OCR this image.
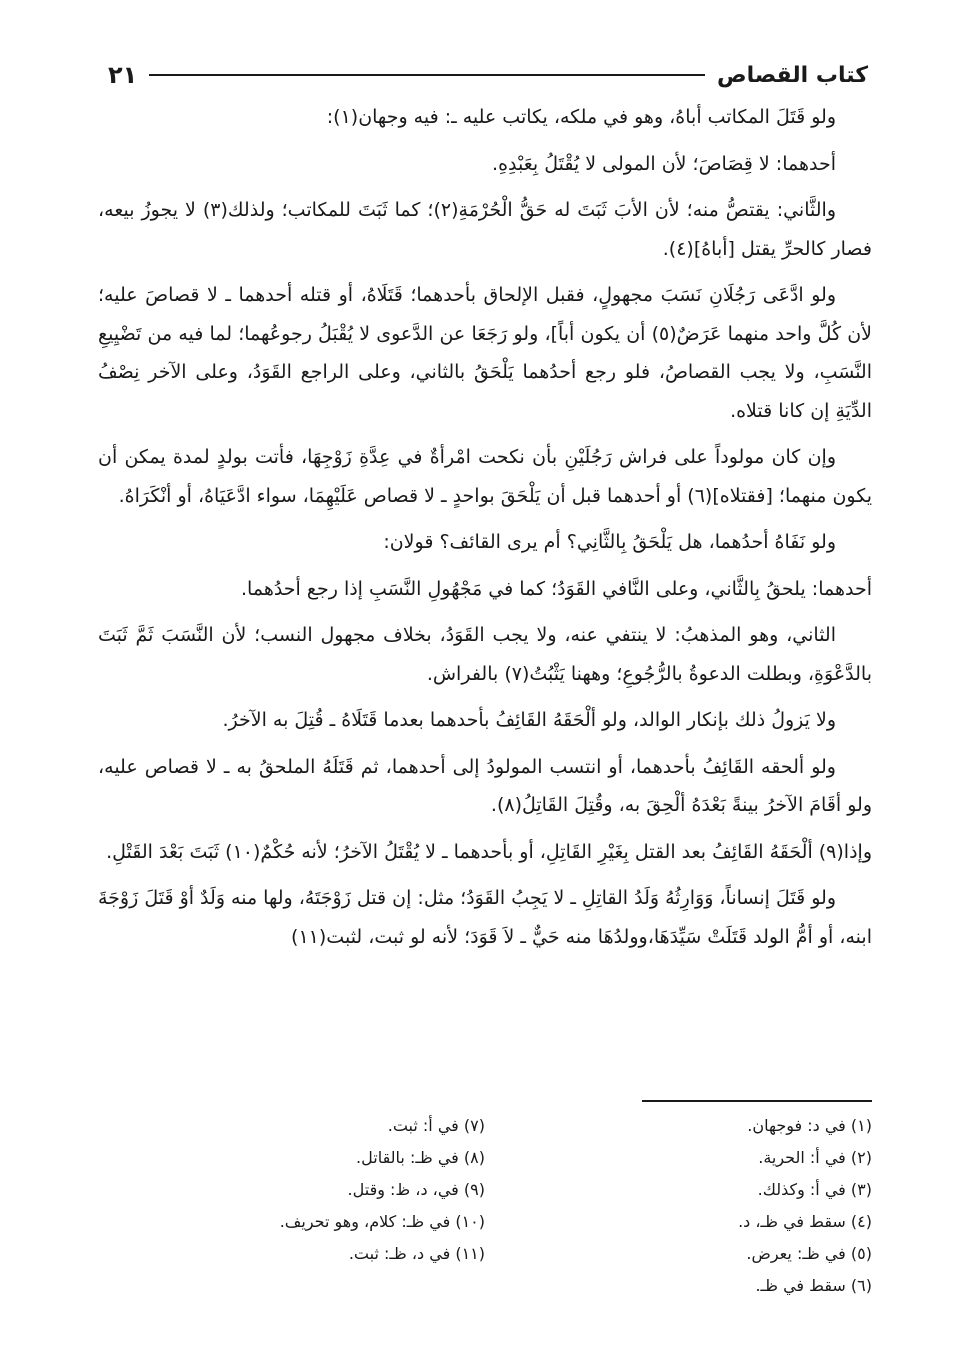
كتاب القصاص
٢١

ولو قَتَلَ المكاتب أباهُ، وهو في ملكه، يكاتب عليه ـ: فيه وجهان(١):

أحدهما: لا قِصَاصَ؛ لأن المولى لا يُقْتَلُ بِعَبْدِهِ.

والثَّاني: يقتصُّ منه؛ لأن الأبَ ثَبَتَ له حَقُّ الْحُرْمَةِ(٢)؛ كما ثَبَتَ للمكاتب؛ ولذلك(٣) لا يجوزُ بيعه، فصار كالحرِّ يقتل [أباهُ](٤).

ولو ادَّعَى رَجُلَانِ نَسَبَ مجهولٍ، فقبل الإلحاق بأحدهما؛ قَتَلَاهُ، أو قتله أحدهما ـ لا قصاصَ عليه؛ لأن كُلَّ واحد منهما عَرَضٌ(٥) أن يكون أباً]، ولو رَجَعَا عن الدَّعوى لا يُقْبَلُ رجوعُهما؛ لما فيه من تَضْيِيعِ النَّسَبِ، ولا يجب القصاصُ، فلو رجع أحدُهما يَلْحَقُ بالثاني، وعلى الراجع القَوَدُ، وعلى الآخر نِصْفُ الدِّيَةِ إن كانا قتلاه.

وإن كان مولوداً على فراش رَجُلَيْنِ بأن نكحت امْرأةٌ في عِدَّةِ زَوْجِهَا، فأتت بولدٍ لمدة يمكن أن يكون منهما؛ [فقتلاه](٦) أو أحدهما قبل أن يَلْحَقَ بواحدٍ ـ لا قصاص عَلَيْهِمَا، سواء ادَّعَيَاهُ، أو أنْكَرَاهُ.

ولو نَفَاهُ أحدُهما، هل يَلْحَقُ بِالثَّانِي؟ أم يرى القائف؟ قولان:

أحدهما: يلحقُ بِالثَّاني، وعلى النَّافي القَوَدُ؛ كما في مَجْهُولِ النَّسَبِ إذا رجع أحدُهما.

الثاني، وهو المذهبُ: لا ينتفي عنه، ولا يجب القَوَدُ، بخلاف مجهول النسب؛ لأن النَّسَبَ ثَمَّ ثَبَتَ بالدَّعْوَةِ، وبطلت الدعوةُ بالرُّجُوعِ؛ وههنا يَثْبُتُ(٧) بالفراش.

ولا يَزولُ ذلك بإنكار الوالد، ولو ألْحَقَهُ القَائِفُ بأحدهما بعدما قَتَلَاهُ ـ قُتِلَ به الآخرُ.

ولو ألحقه القَائِفُ بأحدهما، أو انتسب المولودُ إلى أحدهما، ثم قَتَلَهُ الملحقُ به ـ لا قصاص عليه، ولو أقَامَ الآخرُ بينةً بَعْدَهُ ألْحِقَ به، وقُتِلَ القَاتِلُ(٨).

وإذا(٩) ألْحَقَهُ القَائِفُ بعد القتل بِغَيْرِ القَاتِلِ، أو بأحدهما ـ لا يُقْتَلُ الآخرُ؛ لأنه حُكْمٌ(١٠) ثَبَتَ بَعْدَ القَتْلِ.

ولو قَتَلَ إنساناً، وَوَارِثُهُ وَلَدُ القاتِلِ ـ لا يَجِبُ القَوَدُ؛ مثل: إن قتل زَوْجَتَهُ، ولها منه وَلَدٌ أوْ قَتَلَ زَوْجَةَ ابنه، أو أمُّ الولد قَتَلَتْ سَيِّدَهَا،وولدُهَا منه حَيٌّ ـ لاَ قَوَدَ؛ لأنه لو ثبت، لثبت(١١)

(١) في د: فوجهان.
(٢) في أ: الحرية.
(٣) في أ: وكذلك.
(٤) سقط في ظـ، د.
(٥) في ظـ: يعرض.
(٦) سقط في ظـ.
(٧) في أ: ثبت.
(٨) في ظـ: بالقاتل.
(٩) في، د، ظ: وقتل.
(١٠) في ظـ: كلام، وهو تحريف.
(١١) في د، ظـ: ثبت.
